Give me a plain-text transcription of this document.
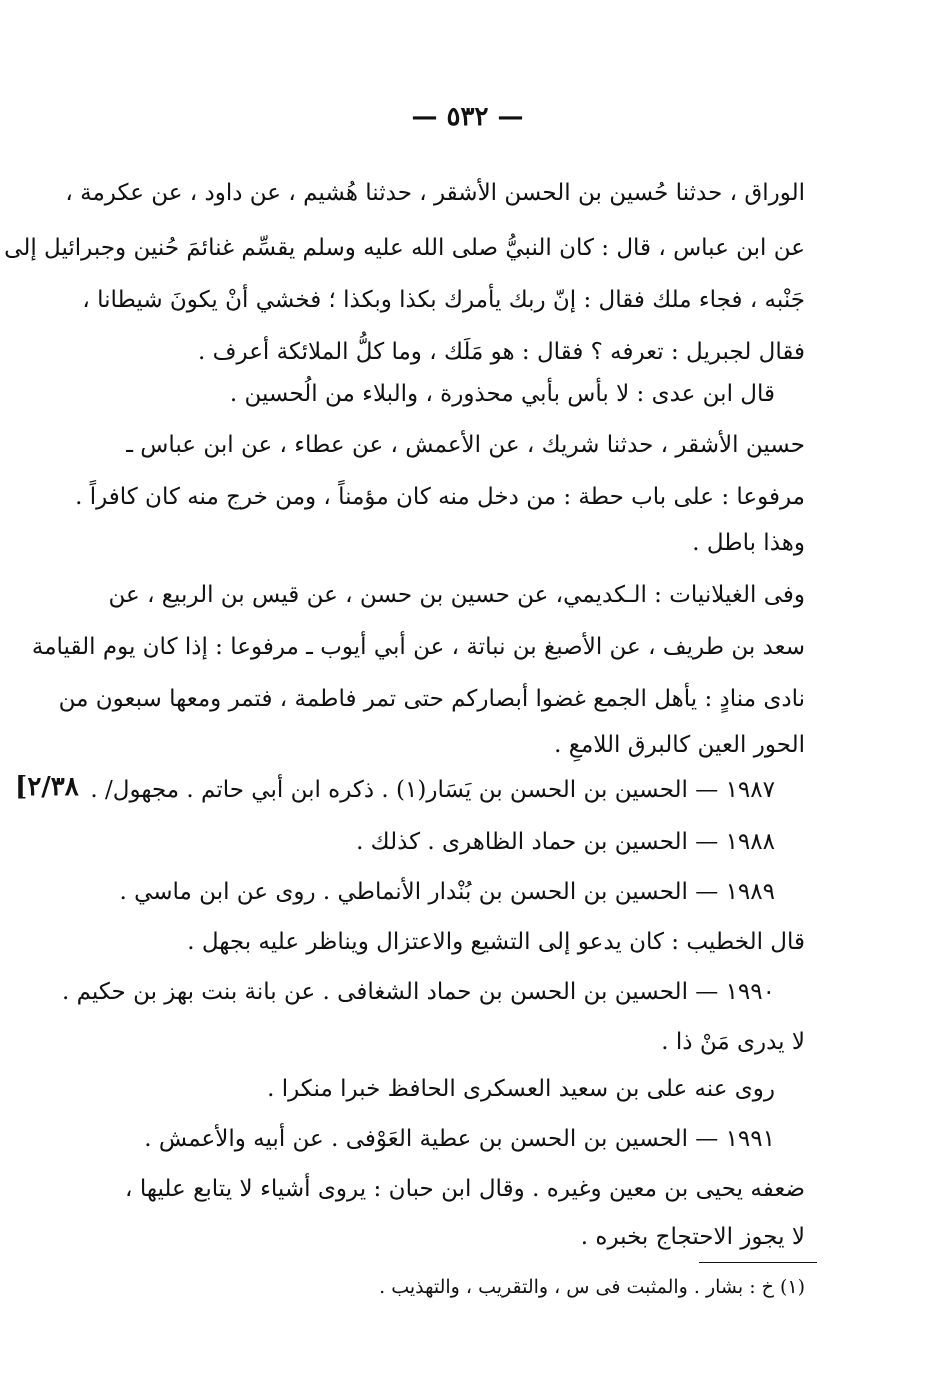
— ٥٣٢ —
الوراق ، حدثنا حُسين بن الحسن الأشقر ، حدثنا هُشيم ، عن داود ، عن عكرمة ،
عن ابن عباس ، قال : كان النبيُّ صلى الله عليه وسلم يقسِّم غنائمَ حُنين وجبرائيل إلى
جَنْبه ، فجاء ملك فقال : إنّ ربك يأمرك بكذا وبكذا ؛ فخشي أنْ يكونَ شيطانا ،
فقال لجبريل : تعرفه ؟ فقال : هو مَلَك ، وما كلُّ الملائكة أعرف .
قال ابن عدى : لا بأس بأبي محذورة ، والبلاء من الُحسين .
حسين الأشقر ، حدثنا شريك ، عن الأعمش ، عن عطاء ، عن ابن عباس ـ
مرفوعا : على باب حطة : من دخل منه كان مؤمناً ، ومن خرج منه كان كافراً .
وهذا باطل .
وفى الغيلانيات : الـكديمي، عن حسين بن حسن ، عن قيس بن الربيع ، عن
سعد بن طريف ، عن الأصبغ بن نباتة ، عن أبي أيوب ـ مرفوعا : إذا كان يوم القيامة
نادى منادٍ : يأهل الجمع غضوا أبصاركم حتى تمر فاطمة ، فتمر ومعها سبعون من
الحور العين كالبرق اللامعِ .
[٢/٣٨ ١٩٨٧ — الحسين بن الحسن بن يَسَار(١) . ذكره ابن أبي حاتم . مجهول/ .
١٩٨٨ — الحسين بن حماد الظاهرى . كذلك .
١٩٨٩ — الحسين بن الحسن بن بُنْدار الأنماطي . روى عن ابن ماسي .
قال الخطيب : كان يدعو إلى التشيع والاعتزال ويناظر عليه بجهل .
١٩٩٠ — الحسين بن الحسن بن حماد الشغافى . عن بانة بنت بهز بن حكيم .
لا يدرى مَنْ ذا .
روى عنه على بن سعيد العسكرى الحافظ خبرا منكرا .
١٩٩١ — الحسين بن الحسن بن عطية العَوْفى . عن أبيه والأعمش .
ضعفه يحيى بن معين وغيره . وقال ابن حبان : يروى أشياء لا يتابع عليها ،
لا يجوز الاحتجاج بخبره .
(١) خ : بشار . والمثبت فى س ، والتقريب ، والتهذيب .
